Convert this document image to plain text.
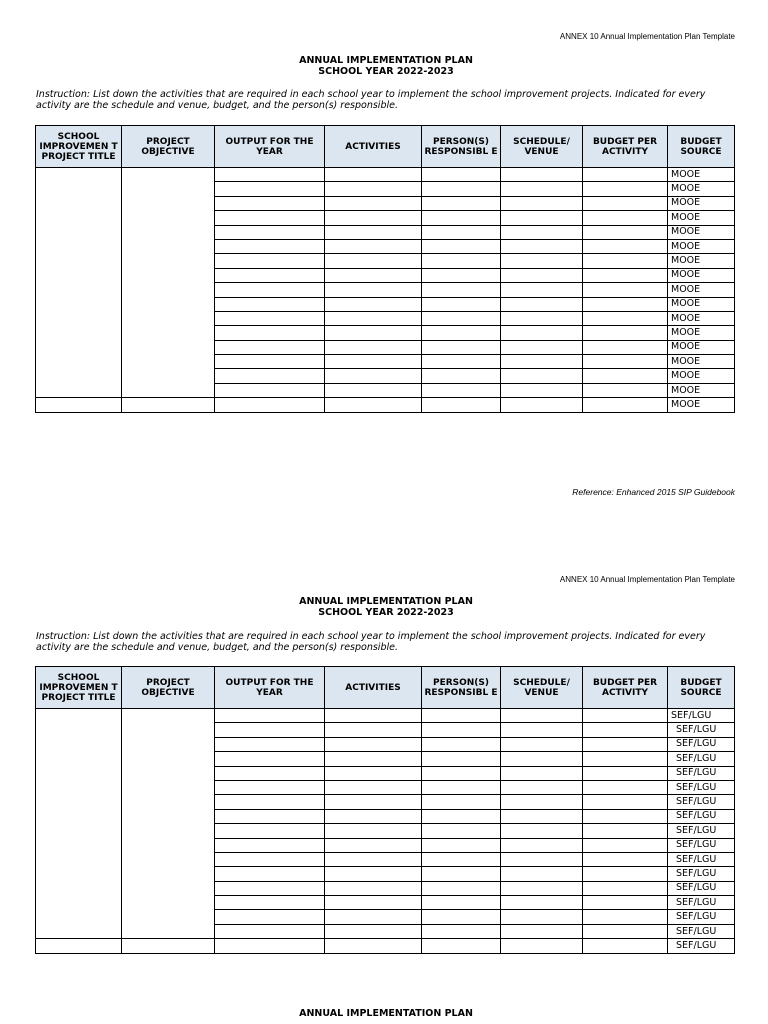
ANNEX 10 Annual Implementation Plan Template
ANNUAL IMPLEMENTATION PLAN
SCHOOL YEAR 2022-2023
Instruction: List down the activities that are required in each school year to implement the school improvement projects. Indicated for every activity are the schedule and venue, budget, and the person(s) responsible.
SCHOOL IMPROVEMEN T PROJECT TITLE	PROJECT OBJECTIVE	OUTPUT FOR THE YEAR	ACTIVITIES	PERSON(S) RESPONSIBL E	SCHEDULE/ VENUE	BUDGET PER ACTIVITY	BUDGET SOURCE
							MOOE
							MOOE
							MOOE
							MOOE
							MOOE
							MOOE
							MOOE
							MOOE
							MOOE
							MOOE
							MOOE
							MOOE
							MOOE
							MOOE
							MOOE
							MOOE
							MOOE
Reference: Enhanced 2015 SIP Guidebook
ANNEX 10 Annual Implementation Plan Template
ANNUAL IMPLEMENTATION PLAN
SCHOOL YEAR 2022-2023
Instruction: List down the activities that are required in each school year to implement the school improvement projects. Indicated for every activity are the schedule and venue, budget, and the person(s) responsible.
SCHOOL IMPROVEMEN T PROJECT TITLE	PROJECT OBJECTIVE	OUTPUT FOR THE YEAR	ACTIVITIES	PERSON(S) RESPONSIBL E	SCHEDULE/ VENUE	BUDGET PER ACTIVITY	BUDGET SOURCE
							SEF/LGU
							SEF/LGU
							SEF/LGU
							SEF/LGU
							SEF/LGU
							SEF/LGU
							SEF/LGU
							SEF/LGU
							SEF/LGU
							SEF/LGU
							SEF/LGU
							SEF/LGU
							SEF/LGU
							SEF/LGU
							SEF/LGU
							SEF/LGU
							SEF/LGU
ANNUAL IMPLEMENTATION PLAN
